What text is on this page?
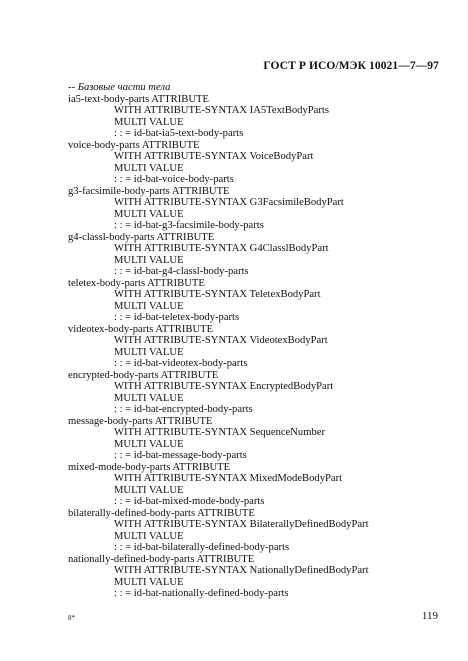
ГОСТ Р ИСО/МЭК 10021—7—97
-- Базовые части тела
ia5-text-body-parts ATTRIBUTE
WITH ATTRIBUTE-SYNTAX IA5TextBodyParts
MULTI VALUE
: : = id-bat-ia5-text-body-parts
voice-body-parts ATTRIBUTE
WITH ATTRIBUTE-SYNTAX VoiceBodyPart
MULTI VALUE
: : = id-bat-voice-body-parts
g3-facsimile-body-parts ATTRIBUTE
WITH ATTRIBUTE-SYNTAX G3FacsimileBodyPart
MULTI VALUE
: : = id-bat-g3-facsimile-body-parts
g4-classl-body-parts ATTRIBUTE
WITH ATTRIBUTE-SYNTAX G4ClasslBodyPart
MULTI VALUE
: : = id-bat-g4-classl-body-parts
teletex-body-parts ATTRIBUTE
WITH ATTRIBUTE-SYNTAX TeletexBodyPart
MULTI VALUE
: : = id-bat-teletex-body-parts
videotex-body-parts ATTRIBUTE
WITH ATTRIBUTE-SYNTAX VideotexBodyPart
MULTI VALUE
: : = id-bat-videotex-body-parts
encrypted-body-parts ATTRIBUTE
WITH ATTRIBUTE-SYNTAX EncryptedBodyPart
MULTI VALUE
: : = id-bat-encrypted-body-parts
message-body-parts ATTRIBUTE
WITH ATTRIBUTE-SYNTAX SequenceNumber
MULTI VALUE
: : = id-bat-message-body-parts
mixed-mode-body-parts ATTRIBUTE
WITH ATTRIBUTE-SYNTAX MixedModeBodyPart
MULTI VALUE
: : = id-bat-mixed-mode-body-parts
bilaterally-defined-body-parts ATTRIBUTE
WITH ATTRIBUTE-SYNTAX BilaterallyDefinedBodyPart
MULTI VALUE
: : = id-bat-bilaterally-defined-body-parts
nationally-defined-body-parts ATTRIBUTE
WITH ATTRIBUTE-SYNTAX NationallyDefinedBodyPart
MULTI VALUE
: : = id-bat-nationally-defined-body-parts
8*	119
